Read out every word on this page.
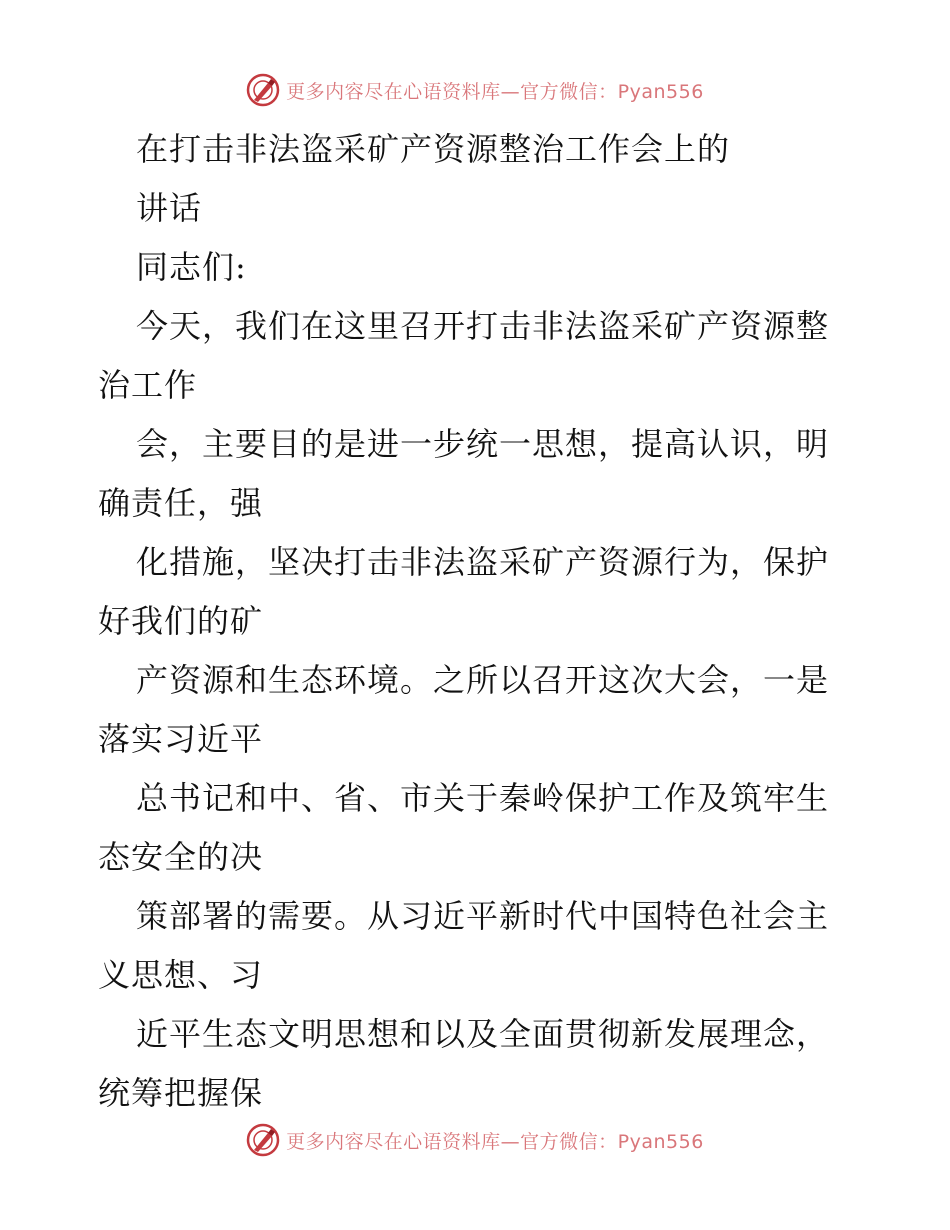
更多内容尽在心语资料库—官方微信：Pyan556
在打击非法盗采矿产资源整治工作会上的
讲话
同志们:
今天，我们在这里召开打击非法盗采矿产资源整
治工作
会，主要目的是进一步统一思想，提高认识，明
确责任，强
化措施，坚决打击非法盗采矿产资源行为，保护
好我们的矿
产资源和生态环境。之所以召开这次大会，一是
落实习近平
总书记和中、省、市关于秦岭保护工作及筑牢生
态安全的决
策部署的需要。从习近平新时代中国特色社会主
义思想、习
近平生态文明思想和以及全面贯彻新发展理念，
统筹把握保
更多内容尽在心语资料库—官方微信：Pyan556
